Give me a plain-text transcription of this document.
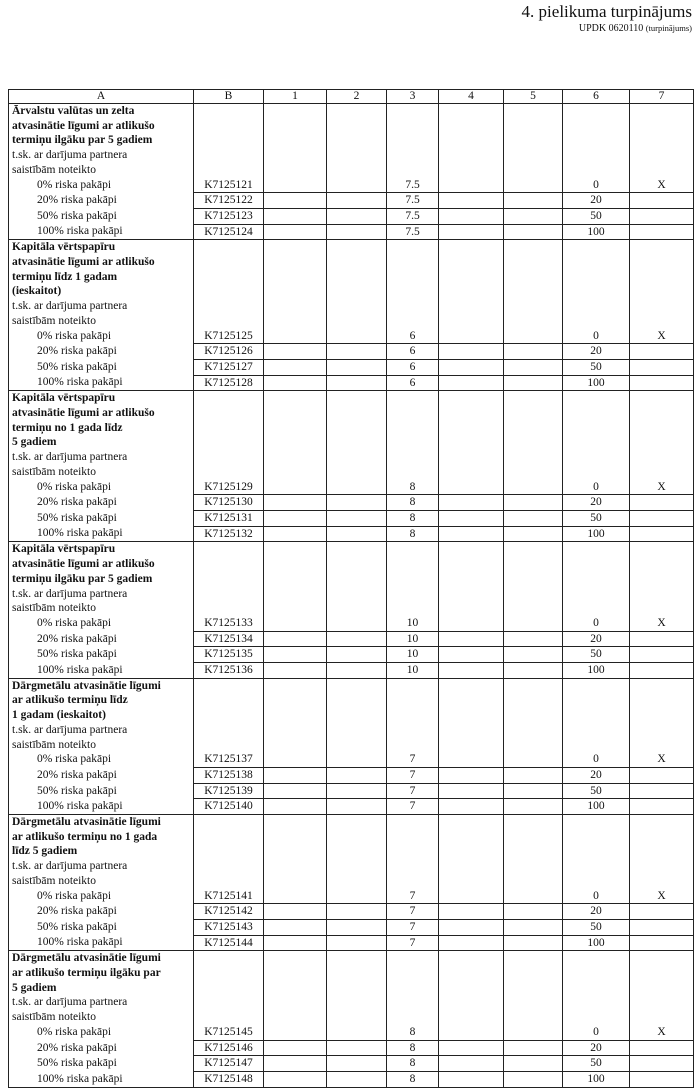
4. pielikuma turpinājums
UPDK 0620110 (turpinājums)
A	B	1	2	3	4	5	6	7
Ārvalstu valūtas un zelta								
atvasinātie līgumi ar atlikušo								
termiņu ilgāku par 5 gadiem								
t.sk. ar darījuma partnera								
saistībām noteikto								
0% riska pakāpi	K7125121			7.5			0	X
20% riska pakāpi	K7125122			7.5			20	
50% riska pakāpi	K7125123			7.5			50	
100% riska pakāpi	K7125124			7.5			100	
Kapitāla vērtspapīru								
atvasinātie līgumi ar atlikušo								
termiņu līdz 1 gadam								
(ieskaitot)								
t.sk. ar darījuma partnera								
saistībām noteikto								
0% riska pakāpi	K7125125			6			0	X
20% riska pakāpi	K7125126			6			20	
50% riska pakāpi	K7125127			6			50	
100% riska pakāpi	K7125128			6			100	
Kapitāla vērtspapīru								
atvasinātie līgumi ar atlikušo								
termiņu no 1 gada līdz								
5 gadiem								
t.sk. ar darījuma partnera								
saistībām noteikto								
0% riska pakāpi	K7125129			8			0	X
20% riska pakāpi	K7125130			8			20	
50% riska pakāpi	K7125131			8			50	
100% riska pakāpi	K7125132			8			100	
Kapitāla vērtspapīru								
atvasinātie līgumi ar atlikušo								
termiņu ilgāku par 5 gadiem								
t.sk. ar darījuma partnera								
saistībām noteikto								
0% riska pakāpi	K7125133			10			0	X
20% riska pakāpi	K7125134			10			20	
50% riska pakāpi	K7125135			10			50	
100% riska pakāpi	K7125136			10			100	
Dārgmetālu atvasinātie līgumi								
ar atlikušo termiņu līdz								
1 gadam (ieskaitot)								
t.sk. ar darījuma partnera								
saistībām noteikto								
0% riska pakāpi	K7125137			7			0	X
20% riska pakāpi	K7125138			7			20	
50% riska pakāpi	K7125139			7			50	
100% riska pakāpi	K7125140			7			100	
Dārgmetālu atvasinātie līgumi								
ar atlikušo termiņu no 1 gada								
līdz 5 gadiem								
t.sk. ar darījuma partnera								
saistībām noteikto								
0% riska pakāpi	K7125141			7			0	X
20% riska pakāpi	K7125142			7			20	
50% riska pakāpi	K7125143			7			50	
100% riska pakāpi	K7125144			7			100	
Dārgmetālu atvasinātie līgumi								
ar atlikušo termiņu ilgāku par								
5 gadiem								
t.sk. ar darījuma partnera								
saistībām noteikto								
0% riska pakāpi	K7125145			8			0	X
20% riska pakāpi	K7125146			8			20	
50% riska pakāpi	K7125147			8			50	
100% riska pakāpi	K7125148			8			100	
